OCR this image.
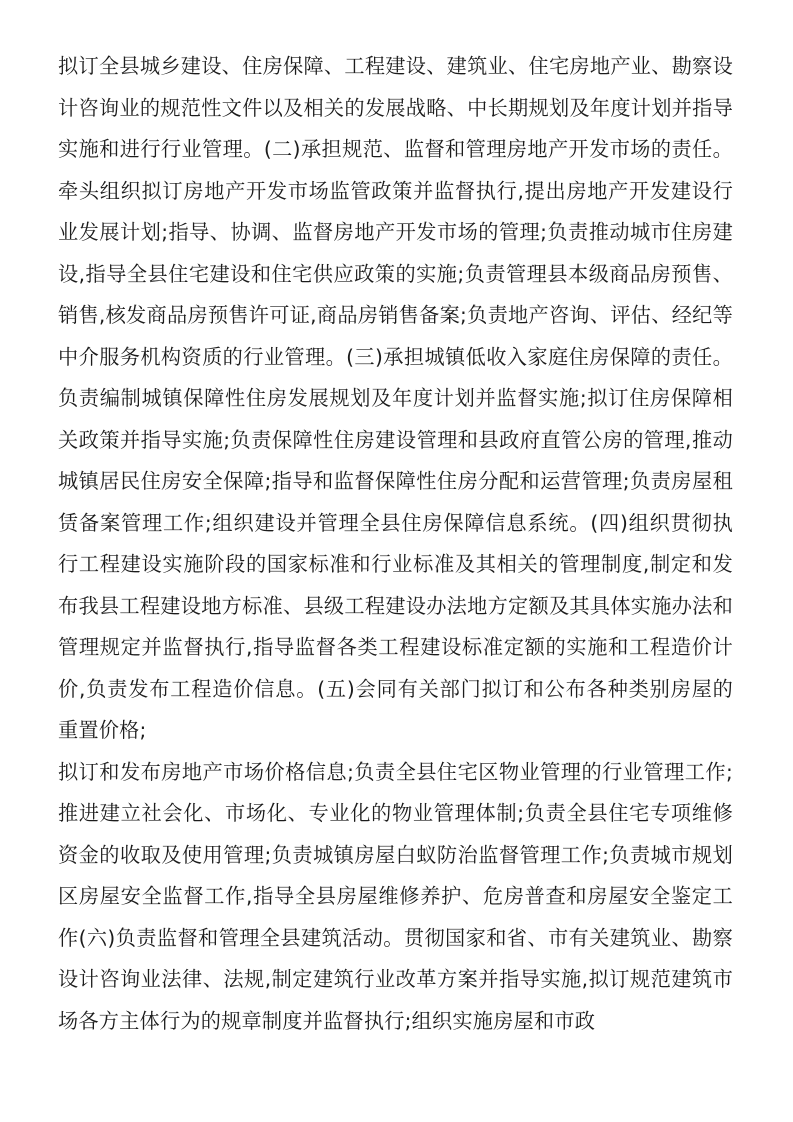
拟订全县城乡建设、住房保障、工程建设、建筑业、住宅房地产业、勘察设计咨询业的规范性文件以及相关的发展战略、中长期规划及年度计划并指导实施和进行行业管理。(二)承担规范、监督和管理房地产开发市场的责任。牵头组织拟订房地产开发市场监管政策并监督执行,提出房地产开发建设行业发展计划;指导、协调、监督房地产开发市场的管理;负责推动城市住房建设,指导全县住宅建设和住宅供应政策的实施;负责管理县本级商品房预售、销售,核发商品房预售许可证,商品房销售备案;负责地产咨询、评估、经纪等中介服务机构资质的行业管理。(三)承担城镇低收入家庭住房保障的责任。负责编制城镇保障性住房发展规划及年度计划并监督实施;拟订住房保障相关政策并指导实施;负责保障性住房建设管理和县政府直管公房的管理,推动城镇居民住房安全保障;指导和监督保障性住房分配和运营管理;负责房屋租赁备案管理工作;组织建设并管理全县住房保障信息系统。(四)组织贯彻执行工程建设实施阶段的国家标准和行业标准及其相关的管理制度,制定和发布我县工程建设地方标准、县级工程建设办法地方定额及其具体实施办法和管理规定并监督执行,指导监督各类工程建设标准定额的实施和工程造价计价,负责发布工程造价信息。(五)会同有关部门拟订和公布各种类别房屋的重置价格;

拟订和发布房地产市场价格信息;负责全县住宅区物业管理的行业管理工作;推进建立社会化、市场化、专业化的物业管理体制;负责全县住宅专项维修资金的收取及使用管理;负责城镇房屋白蚁防治监督管理工作;负责城市规划区房屋安全监督工作,指导全县房屋维修养护、危房普查和房屋安全鉴定工作(六)负责监督和管理全县建筑活动。贯彻国家和省、市有关建筑业、勘察设计咨询业法律、法规,制定建筑行业改革方案并指导实施,拟订规范建筑市场各方主体行为的规章制度并监督执行;组织实施房屋和市政
